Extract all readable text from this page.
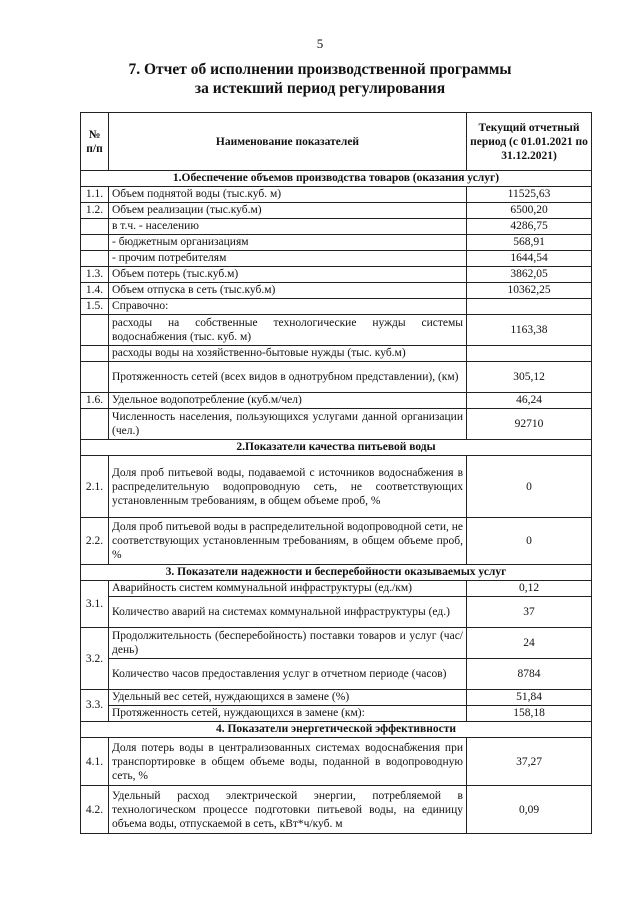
5
7. Отчет об исполнении производственной программы
за истекший период регулирования
№ п/п	Наименование показателей	Текущий отчетный период (с 01.01.2021 по 31.12.2021)
1.Обеспечение объемов производства товаров (оказания услуг)		
1.1.	Объем поднятой воды (тыс.куб. м)	11525,63
1.2.	Объем реализации (тыс.куб.м)	6500,20
	в т.ч. - населению	4286,75
	- бюджетным организациям	568,91
	- прочим потребителям	1644,54
1.3.	Объем потерь (тыс.куб.м)	3862,05
1.4.	Объем отпуска в сеть (тыс.куб.м)	10362,25
1.5.	Справочно:	
	расходы на собственные технологические нужды системы водоснабжения (тыс. куб. м)	1163,38
	расходы воды на хозяйственно-бытовые нужды (тыс. куб.м)	
	Протяженность сетей (всех видов в однотрубном представлении), (км)	305,12
1.6.	Удельное водопотребление (куб.м/чел)	46,24
	Численность населения, пользующихся услугами данной организации (чел.)	92710
2.Показатели качества питьевой воды		
2.1.	Доля проб питьевой воды, подаваемой с источников водоснабжения в распределительную водопроводную сеть, не соответствующих установленным требованиям, в общем объеме проб, %	0
2.2.	Доля проб питьевой воды в распределительной водопроводной сети, не соответствующих установленным требованиям, в общем объеме проб, %	0
3. Показатели надежности и бесперебойности оказываемых услуг		
3.1.	Аварийность систем коммунальной инфраструктуры (ед./км)	0,12
	Количество аварий на системах коммунальной инфраструктуры (ед.)	37
3.2.	Продолжительность (бесперебойность) поставки товаров и услуг (час/день)	24
	Количество часов предоставления услуг в отчетном периоде (часов)	8784
3.3.	Удельный вес сетей, нуждающихся в замене (%)	51,84
	Протяженность сетей, нуждающихся в замене (км):	158,18
4. Показатели энергетической эффективности		
4.1.	Доля потерь воды в централизованных системах водоснабжения при транспортировке в общем объеме воды, поданной в водопроводную сеть, %	37,27
4.2.	Удельный расход электрической энергии, потребляемой в технологическом процессе подготовки питьевой воды, на единицу объема воды, отпускаемой в сеть, кВт*ч/куб. м	0,09
